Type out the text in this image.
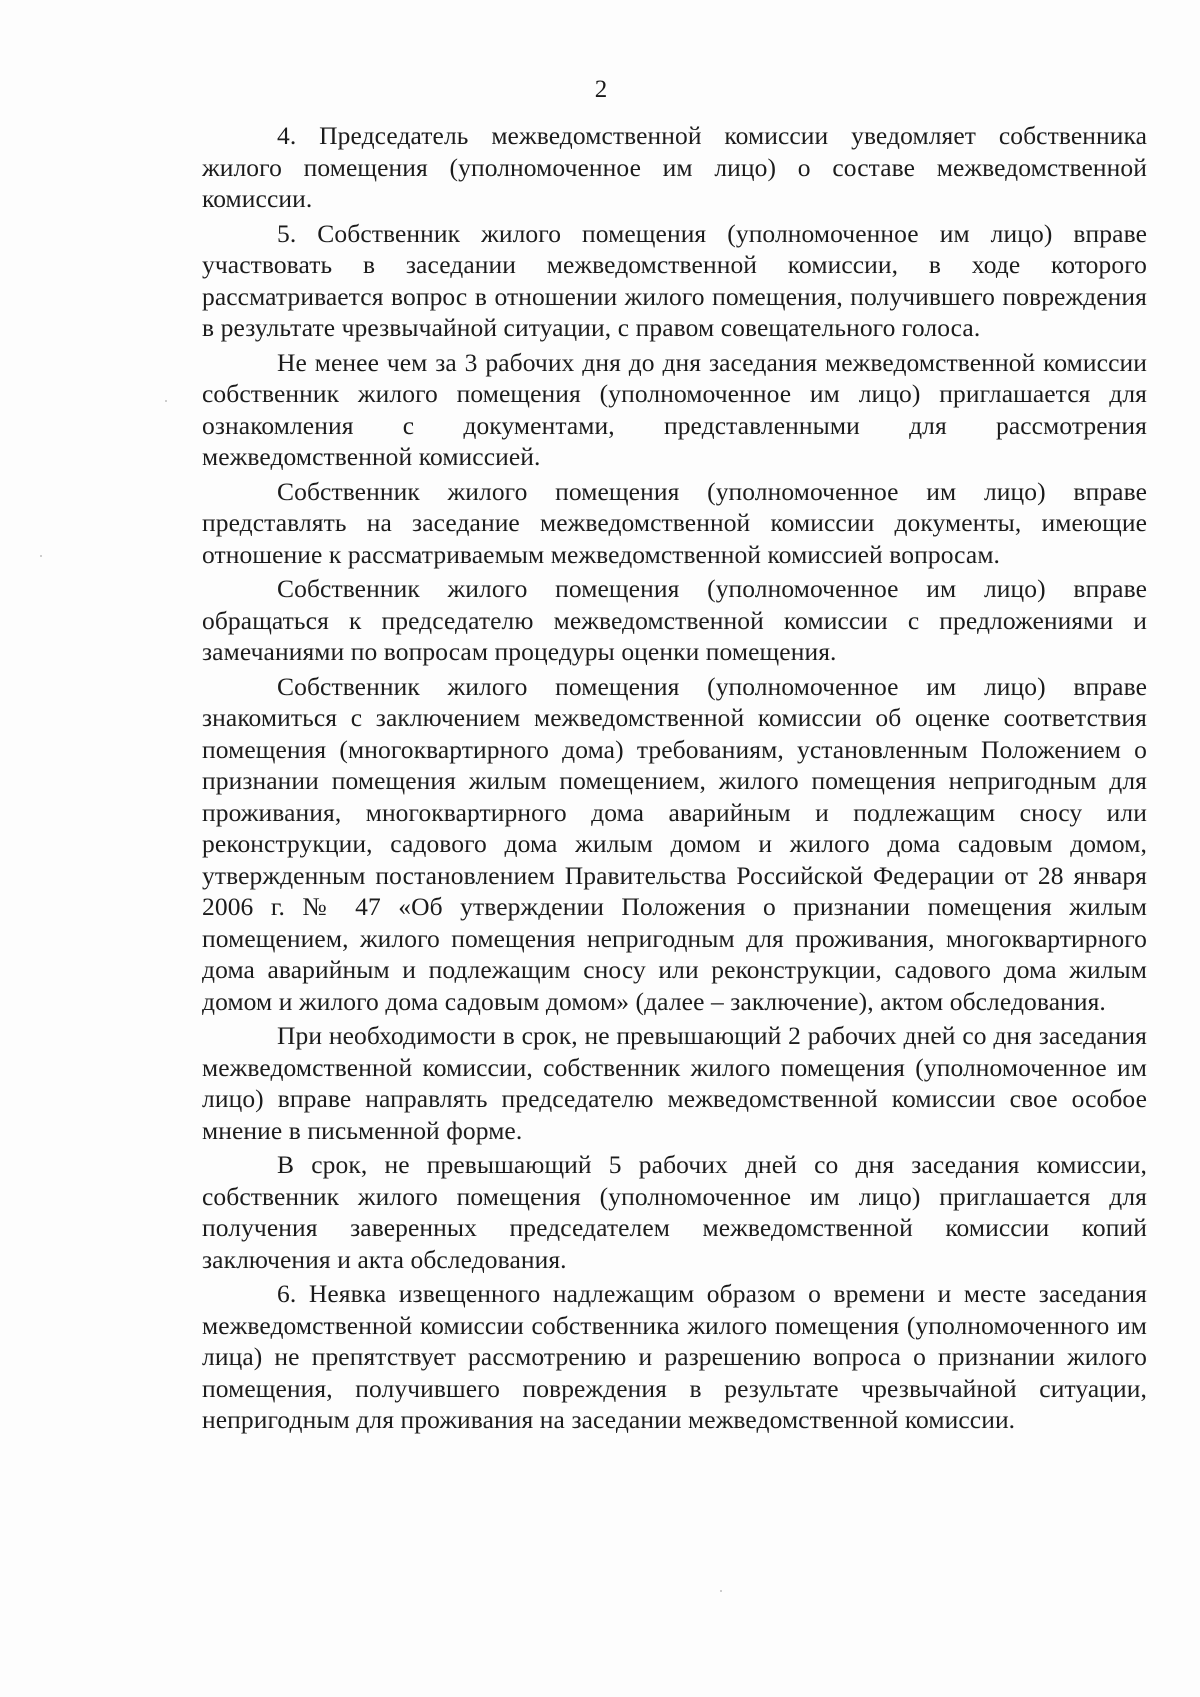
2

4. Председатель межведомственной комиссии уведомляет собственника жилого помещения (уполномоченное им лицо) о составе межведомственной комиссии.

5. Собственник жилого помещения (уполномоченное им лицо) вправе участвовать в заседании межведомственной комиссии, в ходе которого рассматривается вопрос в отношении жилого помещения, получившего повреждения в результате чрезвычайной ситуации, с правом совещательного голоса.

Не менее чем за 3 рабочих дня до дня заседания межведомственной комиссии собственник жилого помещения (уполномоченное им лицо) приглашается для ознакомления с документами, представленными для рассмотрения межведомственной комиссией.

Собственник жилого помещения (уполномоченное им лицо) вправе представлять на заседание межведомственной комиссии документы, имеющие отношение к рассматриваемым межведомственной комиссией вопросам.

Собственник жилого помещения (уполномоченное им лицо) вправе обращаться к председателю межведомственной комиссии с предложениями и замечаниями по вопросам процедуры оценки помещения.

Собственник жилого помещения (уполномоченное им лицо) вправе знакомиться с заключением межведомственной комиссии об оценке соответствия помещения (многоквартирного дома) требованиям, установленным Положением о признании помещения жилым помещением, жилого помещения непригодным для проживания, многоквартирного дома аварийным и подлежащим сносу или реконструкции, садового дома жилым домом и жилого дома садовым домом, утвержденным постановлением Правительства Российской Федерации от 28 января 2006 г. № 47 «Об утверждении Положения о признании помещения жилым помещением, жилого помещения непригодным для проживания, многоквартирного дома аварийным и подлежащим сносу или реконструкции, садового дома жилым домом и жилого дома садовым домом» (далее – заключение), актом обследования.

При необходимости в срок, не превышающий 2 рабочих дней со дня заседания межведомственной комиссии, собственник жилого помещения (уполномоченное им лицо) вправе направлять председателю межведомственной комиссии свое особое мнение в письменной форме.

В срок, не превышающий 5 рабочих дней со дня заседания комиссии, собственник жилого помещения (уполномоченное им лицо) приглашается для получения заверенных председателем межведомственной комиссии копий заключения и акта обследования.

6. Неявка извещенного надлежащим образом о времени и месте заседания межведомственной комиссии собственника жилого помещения (уполномоченного им лица) не препятствует рассмотрению и разрешению вопроса о признании жилого помещения, получившего повреждения в результате чрезвычайной ситуации, непригодным для проживания на заседании межведомственной комиссии.
